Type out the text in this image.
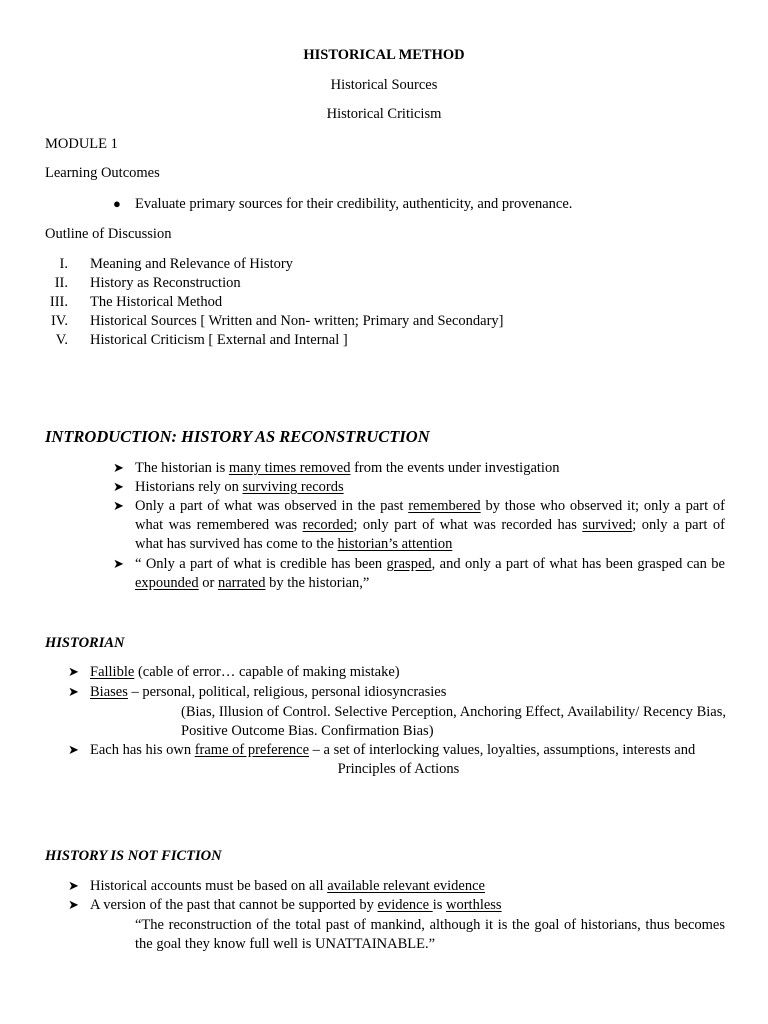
HISTORICAL METHOD
Historical Sources
Historical Criticism
MODULE 1
Learning Outcomes
● Evaluate primary sources for their credibility, authenticity, and provenance.
Outline of Discussion
I. Meaning and Relevance of History
II. History as Reconstruction
III. The Historical Method
IV. Historical Sources [ Written and Non- written; Primary and Secondary]
V. Historical Criticism [ External and Internal ]
INTRODUCTION: HISTORY AS RECONSTRUCTION
➤ The historian is many times removed from the events under investigation
➤ Historians rely on surviving records
➤ Only a part of what was observed in the past remembered by those who observed it; only a part of what was remembered was recorded; only part of what was recorded has survived; only a part of what has survived has come to the historian’s attention
➤ “ Only a part of what is credible has been grasped, and only a part of what has been grasped can be expounded or narrated by the historian,”
HISTORIAN
➤ Fallible (cable of error… capable of making mistake)
➤ Biases – personal, political, religious, personal idiosyncrasies
(Bias, Illusion of Control. Selective Perception, Anchoring Effect, Availability/ Recency Bias, Positive Outcome Bias. Confirmation Bias)
➤ Each has his own frame of preference – a set of interlocking values, loyalties, assumptions, interests and
Principles of Actions
HISTORY IS NOT FICTION
➤ Historical accounts must be based on all available relevant evidence
➤ A version of the past that cannot be supported by evidence is worthless
“The reconstruction of the total past of mankind, although it is the goal of historians, thus becomes the goal they know full well is UNATTAINABLE.”
